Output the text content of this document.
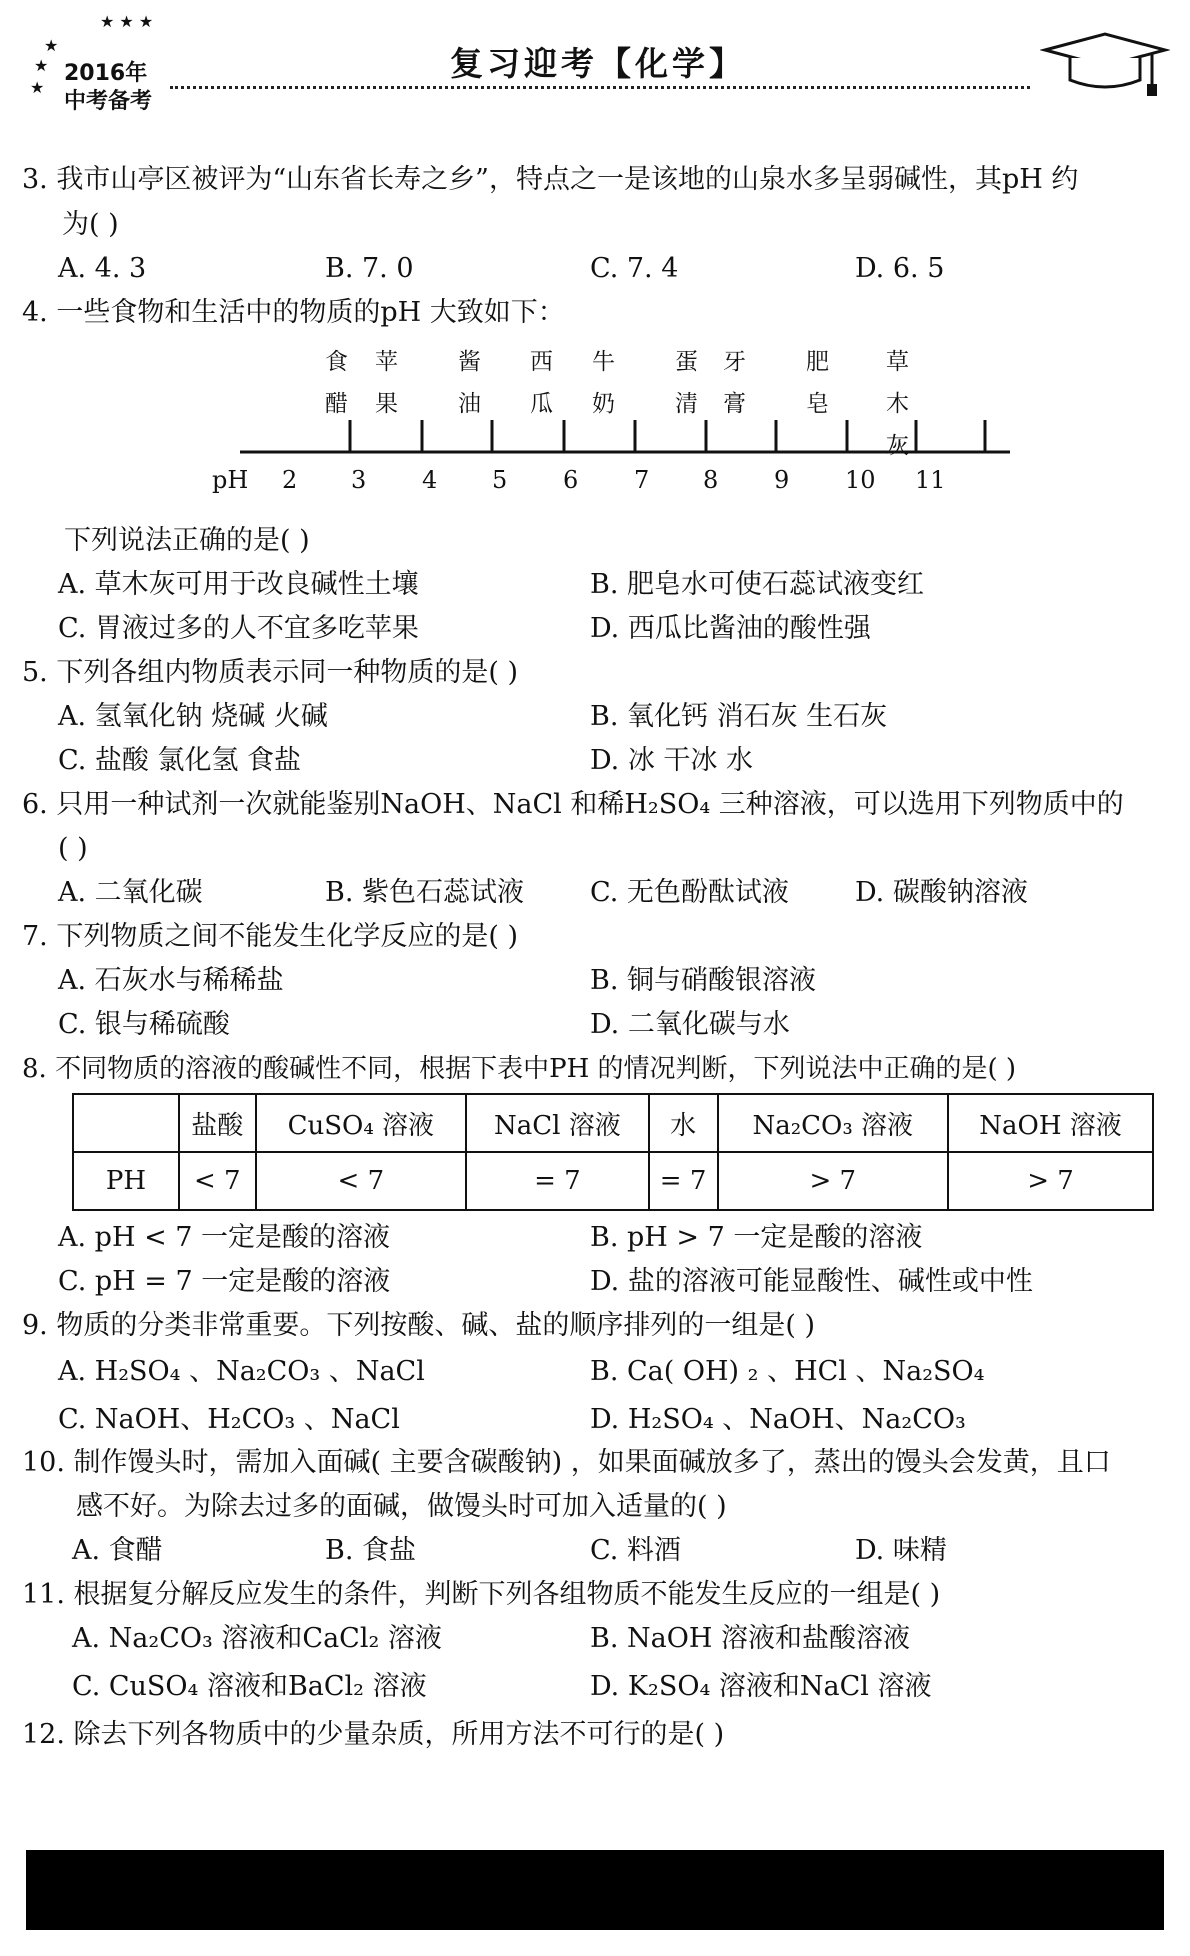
★ ★ ★
★
★
★
2016年
中考备考
复习迎考【化学】
3. 我市山亭区被评为“山东省长寿之乡”，特点之一是该地的山泉水多呈弱碱性，其pH 约
为( )
A. 4. 3	B. 7. 0	C. 7. 4	D. 6. 5
4. 一些食物和生活中的物质的pH 大致如下：
食 苹	酱 西 牛	蛋 牙	肥 草
醋 果	油 瓜 奶	清 膏	皂 木
灰
pH 2 3 4 5 6 7 8 9 10 11
下列说法正确的是( )
A. 草木灰可用于改良碱性土壤	B. 肥皂水可使石蕊试液变红
C. 胃液过多的人不宜多吃苹果	D. 西瓜比酱油的酸性强
5. 下列各组内物质表示同一种物质的是( )
A. 氢氧化钠 烧碱 火碱	B. 氧化钙 消石灰 生石灰
C. 盐酸 氯化氢 食盐	D. 冰 干冰 水
6. 只用一种试剂一次就能鉴别NaOH、NaCl 和稀H₂SO₄ 三种溶液，可以选用下列物质中的
( )
A. 二氧化碳	B. 紫色石蕊试液 C. 无色酚酞试液 D. 碳酸钠溶液
7. 下列物质之间不能发生化学反应的是( )
A. 石灰水与稀稀盐	B. 铜与硝酸银溶液
C. 银与稀硫酸	D. 二氧化碳与水
8. 不同物质的溶液的酸碱性不同，根据下表中PH 的情况判断，下列说法中正确的是( )
	盐酸	CuSO₄ 溶液	NaCl 溶液	水	Na₂CO₃ 溶液	NaOH 溶液
PH	< 7	< 7	= 7	= 7	> 7	> 7
A. pH < 7 一定是酸的溶液	B. pH > 7 一定是酸的溶液
C. pH = 7 一定是酸的溶液	D. 盐的溶液可能显酸性、碱性或中性
9. 物质的分类非常重要。下列按酸、碱、盐的顺序排列的一组是( )
A. H₂SO₄ 、Na₂CO₃ 、NaCl	B. Ca( OH) ₂ 、HCl 、Na₂SO₄
C. NaOH、H₂CO₃ 、NaCl	D. H₂SO₄ 、NaOH、Na₂CO₃
10. 制作馒头时，需加入面碱( 主要含碳酸钠) ，如果面碱放多了，蒸出的馒头会发黄，且口
感不好。为除去过多的面碱，做馒头时可加入适量的( )
A. 食醋	B. 食盐	C. 料酒	D. 味精
11. 根据复分解反应发生的条件，判断下列各组物质不能发生反应的一组是( )
A. Na₂CO₃ 溶液和CaCl₂ 溶液	B. NaOH 溶液和盐酸溶液
C. CuSO₄ 溶液和BaCl₂ 溶液	D. K₂SO₄ 溶液和NaCl 溶液
12. 除去下列各物质中的少量杂质，所用方法不可行的是( )
